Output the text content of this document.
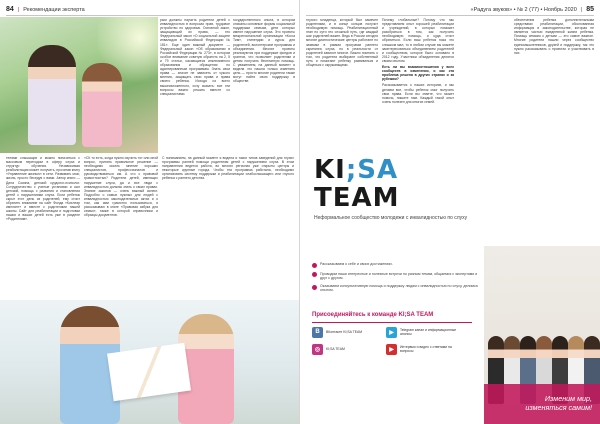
84 | Рекомендации эксперта
рым должны научить родители детей с инвалидностью в вопросах прав, трудовое устройство по здоровью. Основной закон, защищающий их права, — это Федеральный закон «О социальной защите инвалидов в Российской Федерации № 181». Еще один важный документ — Федеральный закон «Об образовании в Российской Федерации № 273», в котором особое внимание советую обратить на 2, 5 и 79 статьи, касающиеся инклюзивного образования и обращения по адаптированным программам. Знать свои права — значит не зависеть от чужого мнения, защищать свои права и права своего ребенка. Исходя из всего вышеизложенного, хочу сказать: все эти вопросы важно решать вместе со специалистами.
государственного опыта, в котором описаны основные формы социальной поддержки семьям, дети которых имеют нарушение слуха. Это проекты межрегиональной организации «Ки:са Тим», стипендии и курсы для родителей, волонтерские программы и объединения. Многие проекты реализуются при поддержке фондов и грантов, что позволяет родителям и детям получать бесплатную помощь. С уважением, на данный момент я видела что нашла только изменить цель — просто многие родители также могут найти свою поддержку в обществе.
телями слышащих и можно понизиться с массовым переходом в сферу слуха и структур обучения. Независимая реабилитация может получить, прочитав книгу «Управление жизнью» в сети. Развивать мозг, жизнь, просто беседуя с вами. Автор книги — Дина Сокина, детский сурдолог-психолог. Сотрудничество с ученые установки и сын детский, помощь с развития и становления детей с нарушениями слуха. Если ребенок скрыт этот день из родителей, ему стоит обратить внимание на сайт Фонда «Кохлеар имплант» и вместе с родителями нашей школы. Сайт для реабилитации и подготовки наших и ваших детей есть уже в разделе «Родителям».
«СК то есть, когда нужно изучить тот или иной вопрос, принять правильное решение — необходимо искать мнение хороших специалистов, профессионалов и руководствоваться им. А что с правовой грамотностью? Родители детей, имеющих нарушение слуха, да и все люди с инвалидностью должны знать о своих правах. Знание законов — очень важный аспект. Подробно о самых нужных для людей с инвалидностью законодательных актах и о том, как ими грамотно пользоваться, я рассказываю в книге «Правовая азбука для семьи», также в которой справочники и образцы документов.
С пониманием, на данный момент я видела и таких типов заведений для глухих программы ранней помощи родителям детей с нарушением слуха. В этом направлении ведется работа, во многих регионах уже открыты центры и некоторые крупные города. Чтобы эта программа работала, необходимо организовать систему поддержки и реабилитации слабослышащего или глухого ребенка с раннего детства.
«Радуга звуков» • № 2 (77) • Ноябрь 2020 | 85
глухого младенца, который был замечен родителями, и в конце концов получит необходимую помощь. Реабилитационный этап по сути это сложный путь, где каждый шаг родителей важен. Ведь в России сегодня многие диагностические центры работают по заявкам в рамках программ раннего скрининга слуха, но в реальности от родителей зависит многое. Важно помнить о том, что родители выбирают собственный путь и помогают ребенку развиваться и общаться с окружающими.
Почему глобальные? Потому что мы представляем опыт хорошей реабилитации и учреждений, в которых поможет разобраться в том, как получить необходимую помощь, и куда стоит обратиться. Если ваш ребенок пока что слишком мал, то в любом случае вы можете заинтересоваться объединением родителей и сообществом, которое было основано в 2012 году. Участники объединения делятся своим опытом.
Есть ли вы взаимоотношения у всех сообществ в изменении, и как эта проблема решена в других странах и за рубежом?
Рассказывается о наших историях, и мы делаем все, чтобы ребенок смог получить свои права. Если вы знаете, что может помочь, пишите нам. Каждый такой опыт очень полезен для многих семей.
обеспечения ребенка дополнительными средствами реабилитации, обоснованная информация в законодательстве, которая не является частью ежедневной жизни ребенка. Помощь семьям с детьми — это самое важное. Многие родители нашли через сообщество единомышленников, друзей и поддержку, так что нужно рассказывать о проектах и участвовать в них.
KI;SA TEAM
Неформальное сообщество молодежи с инвалидностью по слуху
Рассказываем о себе и своих достижениях.
Проводим наши интересные и полезные встречи по разным темам, общаемся с экспертами и друг с другом.
Оказываем консультативную помощь и поддержку людям с инвалидностью по слуху, делимся опытом.
Присоединяйтесь к команде KI;SA TEAM
В	ВКонтакте KI;SA TEAM	▶	Telegram канал и информационные анонсы
◎	KI;SA TEAM	▶	Интервью и видео с ответами на вопросы
Изменим мир,
изменяться самим!
